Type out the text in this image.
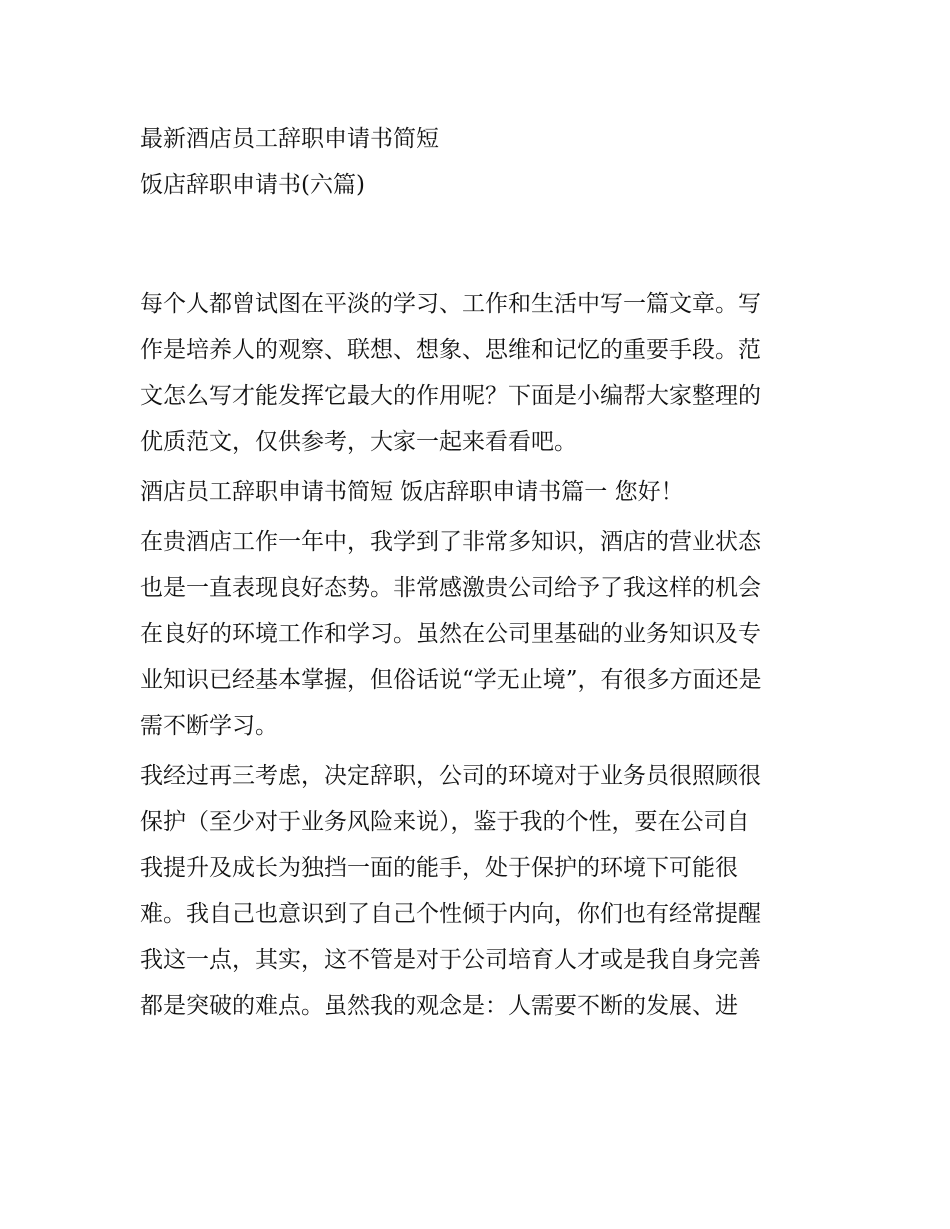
最新酒店员工辞职申请书简短
饭店辞职申请书(六篇)

每个人都曾试图在平淡的学习、工作和生活中写一篇文章。写
作是培养人的观察、联想、想象、思维和记忆的重要手段。范
文怎么写才能发挥它最大的作用呢？下面是小编帮大家整理的
优质范文，仅供参考，大家一起来看看吧。

酒店员工辞职申请书简短 饭店辞职申请书篇一 您好！

在贵酒店工作一年中，我学到了非常多知识，酒店的营业状态
也是一直表现良好态势。非常感激贵公司给予了我这样的机会
在良好的环境工作和学习。虽然在公司里基础的业务知识及专
业知识已经基本掌握，但俗话说“学无止境”，有很多方面还是
需不断学习。

我经过再三考虑，决定辞职，公司的环境对于业务员很照顾很
保护（至少对于业务风险来说），鉴于我的个性，要在公司自
我提升及成长为独挡一面的能手，处于保护的环境下可能很
难。我自己也意识到了自己个性倾于内向，你们也有经常提醒
我这一点，其实，这不管是对于公司培育人才或是我自身完善
都是突破的难点。虽然我的观念是：人需要不断的发展、进
